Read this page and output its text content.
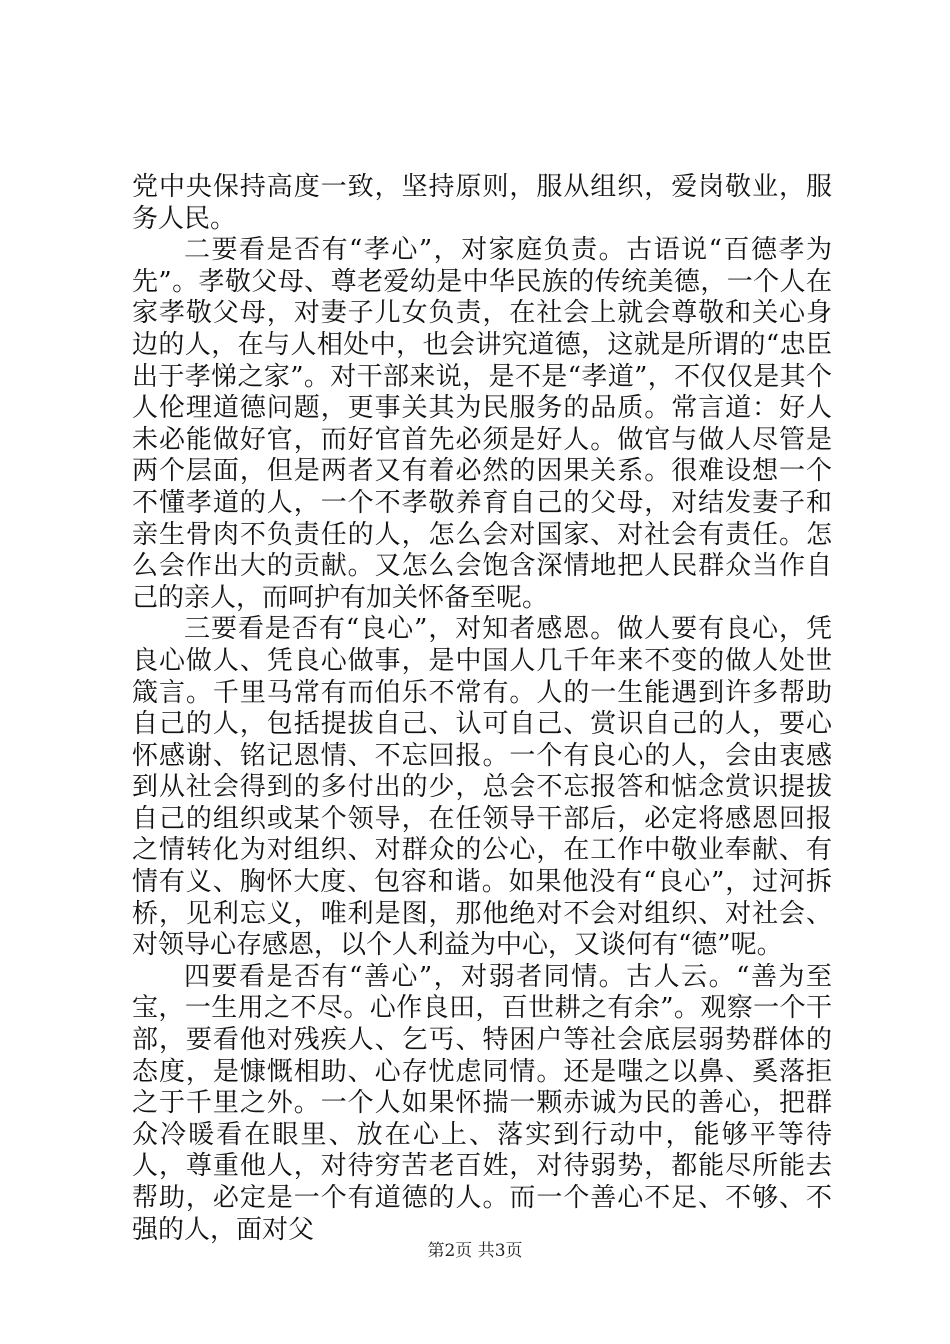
党中央保持高度一致，坚持原则，服从组织，爱岗敬业，服务人民。

二要看是否有“孝心”，对家庭负责。古语说“百德孝为先”。孝敬父母、尊老爱幼是中华民族的传统美德，一个人在家孝敬父母，对妻子儿女负责，在社会上就会尊敬和关心身边的人，在与人相处中，也会讲究道德，这就是所谓的“忠臣出于孝悌之家”。对干部来说，是不是“孝道”，不仅仅是其个人伦理道德问题，更事关其为民服务的品质。常言道：好人未必能做好官，而好官首先必须是好人。做官与做人尽管是两个层面，但是两者又有着必然的因果关系。很难设想一个不懂孝道的人，一个不孝敬养育自己的父母，对结发妻子和亲生骨肉不负责任的人，怎么会对国家、对社会有责任。怎么会作出大的贡献。又怎么会饱含深情地把人民群众当作自己的亲人，而呵护有加关怀备至呢。

三要看是否有“良心”，对知者感恩。做人要有良心，凭良心做人、凭良心做事，是中国人几千年来不变的做人处世箴言。千里马常有而伯乐不常有。人的一生能遇到许多帮助自己的人，包括提拔自己、认可自己、赏识自己的人，要心怀感谢、铭记恩情、不忘回报。一个有良心的人，会由衷感到从社会得到的多付出的少，总会不忘报答和惦念赏识提拔自己的组织或某个领导，在任领导干部后，必定将感恩回报之情转化为对组织、对群众的公心，在工作中敬业奉献、有情有义、胸怀大度、包容和谐。如果他没有“良心”，过河拆桥，见利忘义，唯利是图，那他绝对不会对组织、对社会、对领导心存感恩，以个人利益为中心，又谈何有“德”呢。

四要看是否有“善心”，对弱者同情。古人云。“善为至宝，一生用之不尽。心作良田，百世耕之有余”。观察一个干部，要看他对残疾人、乞丐、特困户等社会底层弱势群体的态度，是慷慨相助、心存忧虑同情。还是嗤之以鼻、奚落拒之于千里之外。一个人如果怀揣一颗赤诚为民的善心，把群众冷暖看在眼里、放在心上、落实到行动中，能够平等待人，尊重他人，对待穷苦老百姓，对待弱势，都能尽所能去帮助，必定是一个有道德的人。而一个善心不足、不够、不强的人，面对父

第2页 共3页
